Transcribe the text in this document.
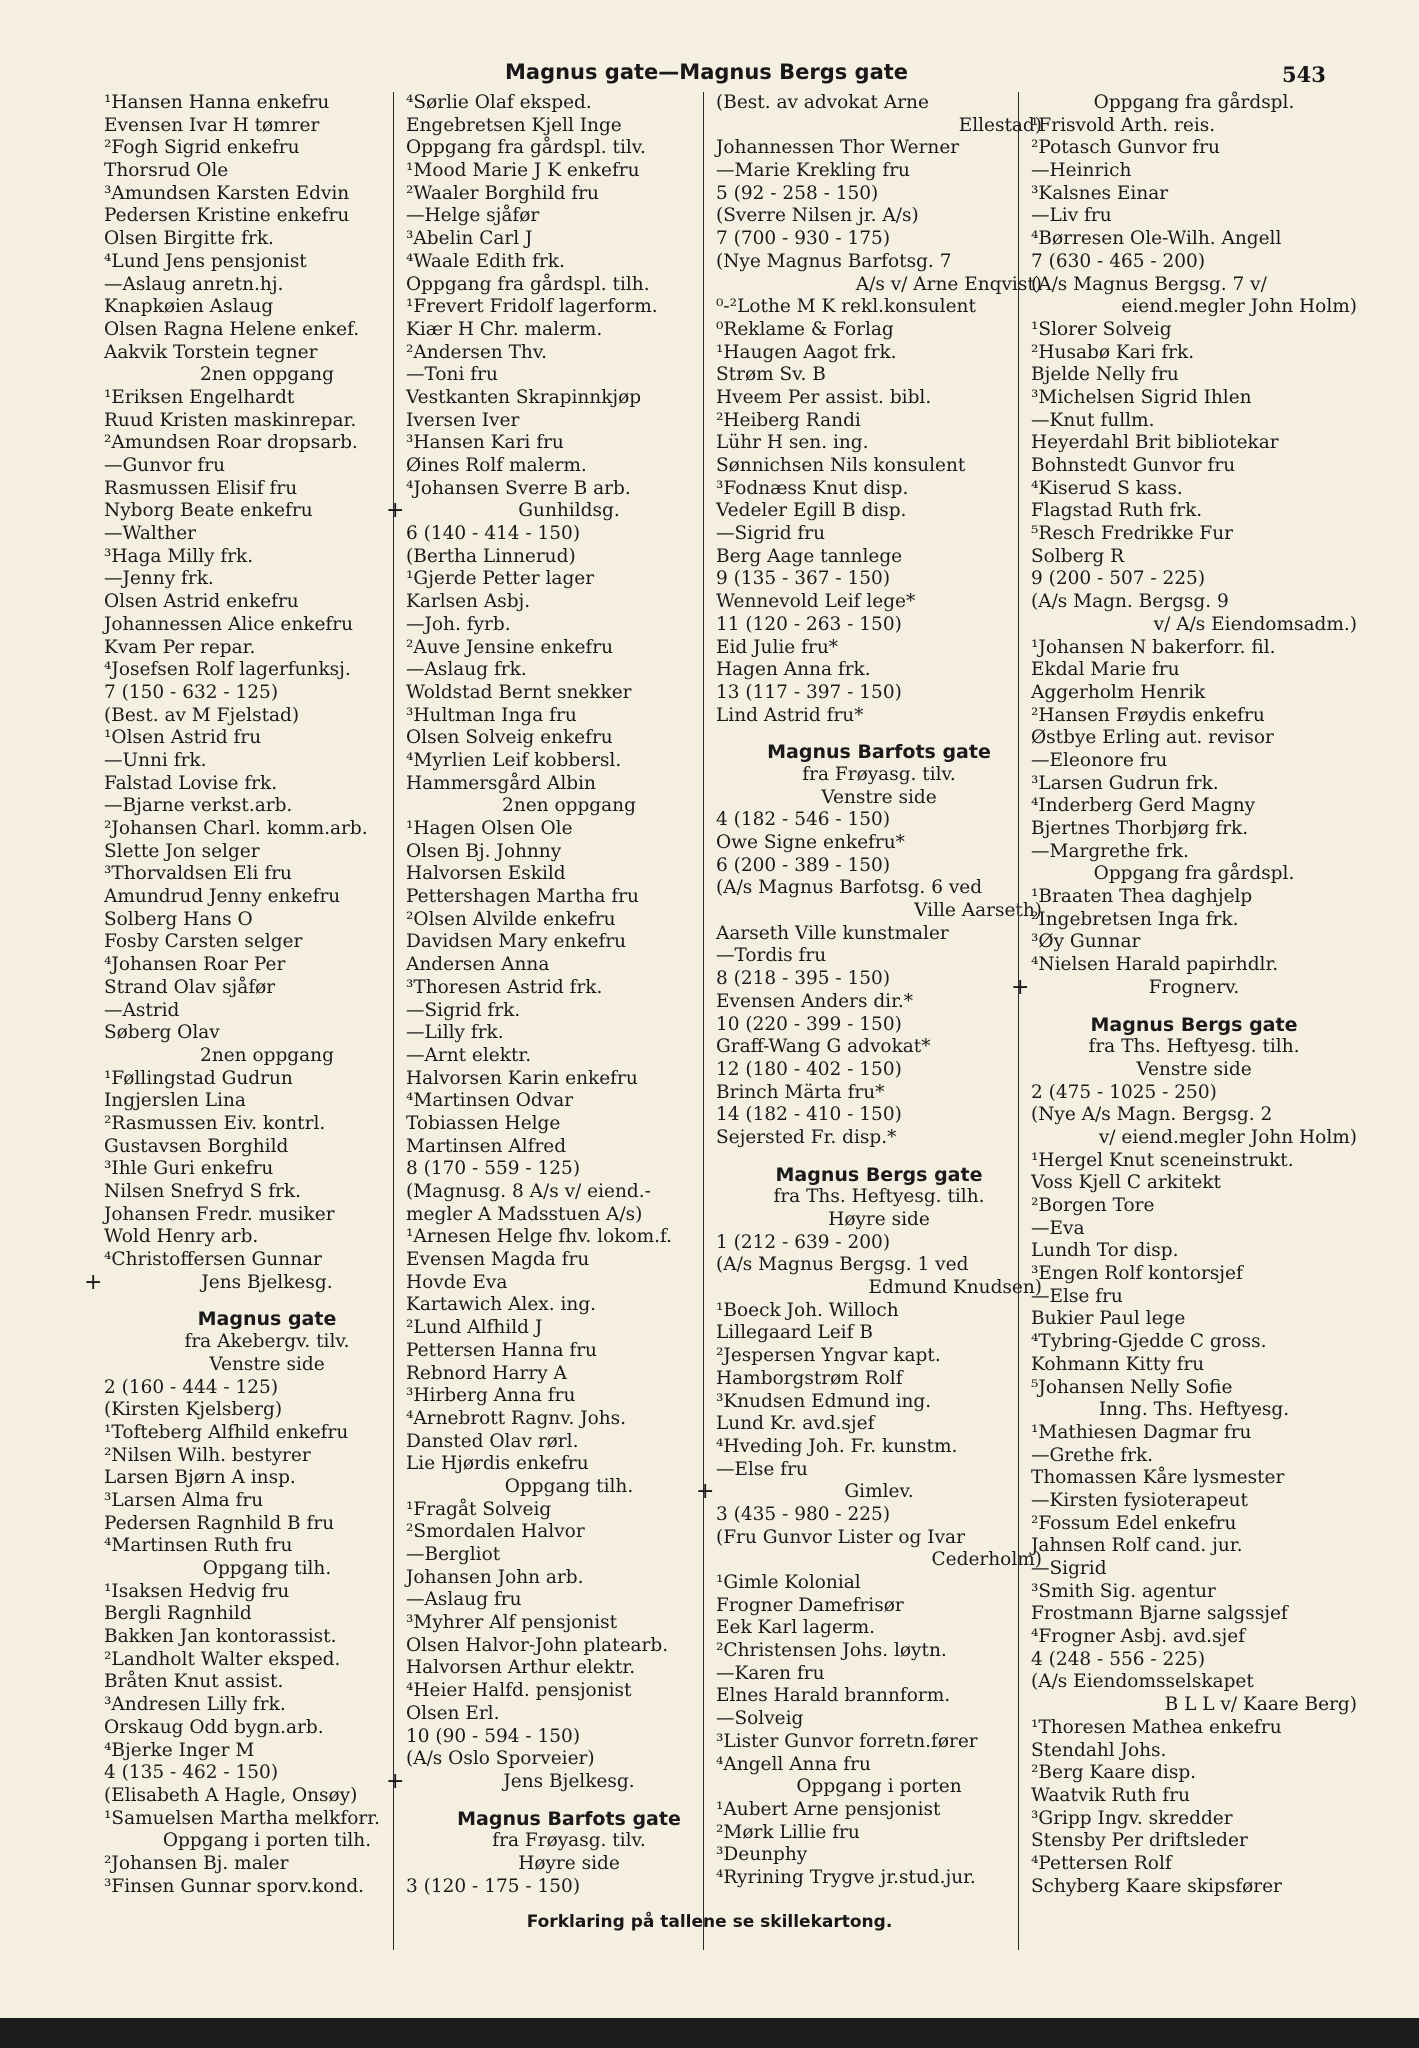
Magnus gate—Magnus Bergs gate	543
¹Hansen Hanna enkefru
Evensen Ivar H tømrer
²Fogh Sigrid enkefru
Thorsrud Ole
³Amundsen Karsten Edvin
Pedersen Kristine enkefru
Olsen Birgitte frk.
⁴Lund Jens pensjonist
—Aslaug anretn.hj.
Knapkøien Aslaug
Olsen Ragna Helene enkef.
Aakvik Torstein tegner
2nen oppgang
¹Eriksen Engelhardt
Ruud Kristen maskinrepar.
²Amundsen Roar dropsarb.
—Gunvor fru
Rasmussen Elisif fru
Nyborg Beate enkefru
—Walther
³Haga Milly frk.
—Jenny frk.
Olsen Astrid enkefru
Johannessen Alice enkefru
Kvam Per repar.
⁴Josefsen Rolf lagerfunksj.
7 (150 - 632 - 125)
(Best. av M Fjelstad)
¹Olsen Astrid fru
—Unni frk.
Falstad Lovise frk.
—Bjarne verkst.arb.
²Johansen Charl. komm.arb.
Slette Jon selger
³Thorvaldsen Eli fru
Amundrud Jenny enkefru
Solberg Hans O
Fosby Carsten selger
⁴Johansen Roar Per
Strand Olav sjåfør
—Astrid
Søberg Olav
2nen oppgang
¹Føllingstad Gudrun
Ingjerslen Lina
²Rasmussen Eiv. kontrl.
Gustavsen Borghild
³Ihle Guri enkefru
Nilsen Snefryd S frk.
Johansen Fredr. musiker
Wold Henry arb.
⁴Christoffersen Gunnar
+	Jens Bjelkesg.
Magnus gate
fra Akebergv. tilv.
Venstre side
2 (160 - 444 - 125)
(Kirsten Kjelsberg)
¹Tofteberg Alfhild enkefru
²Nilsen Wilh. bestyrer
Larsen Bjørn A insp.
³Larsen Alma fru
Pedersen Ragnhild B fru
⁴Martinsen Ruth fru
Oppgang tilh.
¹Isaksen Hedvig fru
Bergli Ragnhild
Bakken Jan kontorassist.
²Landholt Walter eksped.
Bråten Knut assist.
³Andresen Lilly frk.
Orskaug Odd bygn.arb.
⁴Bjerke Inger M
4 (135 - 462 - 150)
(Elisabeth A Hagle, Onsøy)
¹Samuelsen Martha melkforr.
Oppgang i porten tilh.
²Johansen Bj. maler
³Finsen Gunnar sporv.kond.
⁴Sørlie Olaf eksped.
Engebretsen Kjell Inge
Oppgang fra gårdspl. tilv.
¹Mood Marie J K enkefru
²Waaler Borghild fru
—Helge sjåfør
³Abelin Carl J
⁴Waale Edith frk.
Oppgang fra gårdspl. tilh.
¹Frevert Fridolf lagerform.
Kiær H Chr. malerm.
²Andersen Thv.
—Toni fru
Vestkanten Skrapinnkjøp
Iversen Iver
³Hansen Kari fru
Øines Rolf malerm.
⁴Johansen Sverre B arb.
+	Gunhildsg.
6 (140 - 414 - 150)
(Bertha Linnerud)
¹Gjerde Petter lager
Karlsen Asbj.
—Joh. fyrb.
²Auve Jensine enkefru
—Aslaug frk.
Woldstad Bernt snekker
³Hultman Inga fru
Olsen Solveig enkefru
⁴Myrlien Leif kobbersl.
Hammersgård Albin
2nen oppgang
¹Hagen Olsen Ole
Olsen Bj. Johnny
Halvorsen Eskild
Pettershagen Martha fru
²Olsen Alvilde enkefru
Davidsen Mary enkefru
Andersen Anna
³Thoresen Astrid frk.
—Sigrid frk.
—Lilly frk.
—Arnt elektr.
Halvorsen Karin enkefru
⁴Martinsen Odvar
Tobiassen Helge
Martinsen Alfred
8 (170 - 559 - 125)
(Magnusg. 8 A/s v/ eiend.-
megler A Madsstuen A/s)
¹Arnesen Helge fhv. lokom.f.
Evensen Magda fru
Hovde Eva
Kartawich Alex. ing.
²Lund Alfhild J
Pettersen Hanna fru
Rebnord Harry A
³Hirberg Anna fru
⁴Arnebrott Ragnv. Johs.
Dansted Olav rørl.
Lie Hjørdis enkefru
Oppgang tilh.
¹Fragåt Solveig
²Smordalen Halvor
—Bergliot
Johansen John arb.
—Aslaug fru
³Myhrer Alf pensjonist
Olsen Halvor-John platearb.
Halvorsen Arthur elektr.
⁴Heier Halfd. pensjonist
Olsen Erl.
10 (90 - 594 - 150)
(A/s Oslo Sporveier)
+	Jens Bjelkesg.
Magnus Barfots gate
fra Frøyasg. tilv.
Høyre side
3 (120 - 175 - 150)
(Best. av advokat Arne
Ellestad)
Johannessen Thor Werner
—Marie Krekling fru
5 (92 - 258 - 150)
(Sverre Nilsen jr. A/s)
7 (700 - 930 - 175)
(Nye Magnus Barfotsg. 7
A/s v/ Arne Enqvist)
⁰-²Lothe M K rekl.konsulent
⁰Reklame & Forlag
¹Haugen Aagot frk.
Strøm Sv. B
Hveem Per assist. bibl.
²Heiberg Randi
Lühr H sen. ing.
Sønnichsen Nils konsulent
³Fodnæss Knut disp.
Vedeler Egill B disp.
—Sigrid fru
Berg Aage tannlege
9 (135 - 367 - 150)
Wennevold Leif lege*
11 (120 - 263 - 150)
Eid Julie fru*
Hagen Anna frk.
13 (117 - 397 - 150)
Lind Astrid fru*
Magnus Barfots gate
fra Frøyasg. tilv.
Venstre side
4 (182 - 546 - 150)
Owe Signe enkefru*
6 (200 - 389 - 150)
(A/s Magnus Barfotsg. 6 ved
Ville Aarseth)
Aarseth Ville kunstmaler
—Tordis fru
8 (218 - 395 - 150)
Evensen Anders dir.*
10 (220 - 399 - 150)
Graff-Wang G advokat*
12 (180 - 402 - 150)
Brinch Märta fru*
14 (182 - 410 - 150)
Sejersted Fr. disp.*
Magnus Bergs gate
fra Ths. Heftyesg. tilh.
Høyre side
1 (212 - 639 - 200)
(A/s Magnus Bergsg. 1 ved
Edmund Knudsen)
¹Boeck Joh. Willoch
Lillegaard Leif B
²Jespersen Yngvar kapt.
Hamborgstrøm Rolf
³Knudsen Edmund ing.
Lund Kr. avd.sjef
⁴Hveding Joh. Fr. kunstm.
—Else fru
+	Gimlev.
3 (435 - 980 - 225)
(Fru Gunvor Lister og Ivar
Cederholm)
¹Gimle Kolonial
Frogner Damefrisør
Eek Karl lagerm.
²Christensen Johs. løytn.
—Karen fru
Elnes Harald brannform.
—Solveig
³Lister Gunvor forretn.fører
⁴Angell Anna fru
Oppgang i porten
¹Aubert Arne pensjonist
²Mørk Lillie fru
³Deunphy
⁴Ryrining Trygve jr.stud.jur.
Oppgang fra gårdspl.
¹Frisvold Arth. reis.
²Potasch Gunvor fru
—Heinrich
³Kalsnes Einar
—Liv fru
⁴Børresen Ole-Wilh. Angell
7 (630 - 465 - 200)
(A/s Magnus Bergsg. 7 v/
eiend.megler John Holm)
¹Slorer Solveig
²Husabø Kari frk.
Bjelde Nelly fru
³Michelsen Sigrid Ihlen
—Knut fullm.
Heyerdahl Brit bibliotekar
Bohnstedt Gunvor fru
⁴Kiserud S kass.
Flagstad Ruth frk.
⁵Resch Fredrikke Fur
Solberg R
9 (200 - 507 - 225)
(A/s Magn. Bergsg. 9
v/ A/s Eiendomsadm.)
¹Johansen N bakerforr. fil.
Ekdal Marie fru
Aggerholm Henrik
²Hansen Frøydis enkefru
Østbye Erling aut. revisor
—Eleonore fru
³Larsen Gudrun frk.
⁴Inderberg Gerd Magny
Bjertnes Thorbjørg frk.
—Margrethe frk.
Oppgang fra gårdspl.
¹Braaten Thea daghjelp
²Ingebretsen Inga frk.
³Øy Gunnar
⁴Nielsen Harald papirhdlr.
+	Frognerv.
Magnus Bergs gate
fra Ths. Heftyesg. tilh.
Venstre side
2 (475 - 1025 - 250)
(Nye A/s Magn. Bergsg. 2
v/ eiend.megler John Holm)
¹Hergel Knut sceneinstrukt.
Voss Kjell C arkitekt
²Borgen Tore
—Eva
Lundh Tor disp.
³Engen Rolf kontorsjef
—Else fru
Bukier Paul lege
⁴Tybring-Gjedde C gross.
Kohmann Kitty fru
⁵Johansen Nelly Sofie
Inng. Ths. Heftyesg.
¹Mathiesen Dagmar fru
—Grethe frk.
Thomassen Kåre lysmester
—Kirsten fysioterapeut
²Fossum Edel enkefru
Jahnsen Rolf cand. jur.
—Sigrid
³Smith Sig. agentur
Frostmann Bjarne salgssjef
⁴Frogner Asbj. avd.sjef
4 (248 - 556 - 225)
(A/s Eiendomsselskapet
B L L v/ Kaare Berg)
¹Thoresen Mathea enkefru
Stendahl Johs.
²Berg Kaare disp.
Waatvik Ruth fru
³Gripp Ingv. skredder
Stensby Per driftsleder
⁴Pettersen Rolf
Schyberg Kaare skipsfører
Forklaring på tallene se skillekartong.
